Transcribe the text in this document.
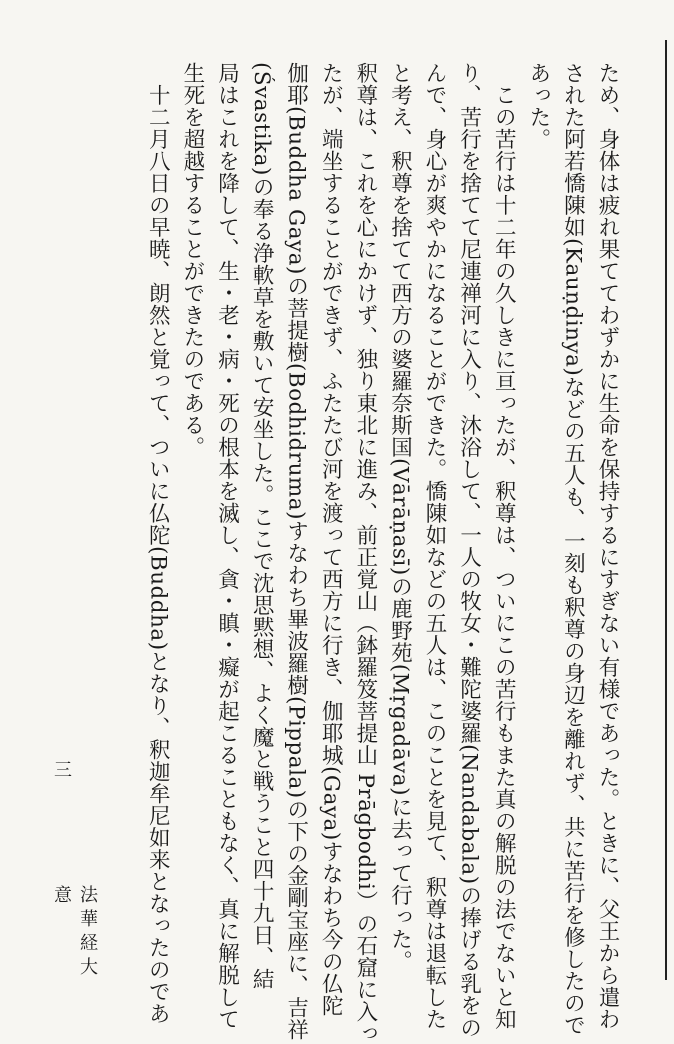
ため、身体は疲れ果ててわずかに生命を保持するにすぎない有様であった。ときに、父王から遣わ
された阿若憍陳如(Kauṇḍinya)などの五人も、一刻も釈尊の身辺を離れず、共に苦行を修したので
あった。
　この苦行は十二年の久しきに亘ったが、釈尊は、ついにこの苦行もまた真の解脱の法でないと知
り、苦行を捨てて尼連禅河に入り、沐浴して、一人の牧女・難陀婆羅(Nandabala)の捧げる乳をの
んで、身心が爽やかになることができた。憍陳如などの五人は、このことを見て、釈尊は退転した
と考え、釈尊を捨てて西方の婆羅奈斯国(Vārāṇasī)の鹿野苑(Mṛgadāva)に去って行った。
釈尊は、これを心にかけず、独り東北に進み、前正覚山（鉢羅笈菩提山 Prāgbodhi）の石窟に入っ
たが、端坐することができず、ふたたび河を渡って西方に行き、伽耶城(Gaya)すなわち今の仏陀
伽耶(Buddha Gaya)の菩提樹(Bodhidruma)すなわち畢波羅樹(Pippala)の下の金剛宝座に、吉祥
(Śvastika)の奉る浄軟草を敷いて安坐した。ここで沈思黙想、よく魔と戦うこと四十九日、結
局はこれを降して、生・老・病・死の根本を滅し、貪・瞋・癡が起こることもなく、真に解脱して
生死を超越することができたのである。
　十二月八日の早暁、朗然と覚って、ついに仏陀(Buddha)となり、釈迦牟尼如来となったのであ
三
法華経大意
